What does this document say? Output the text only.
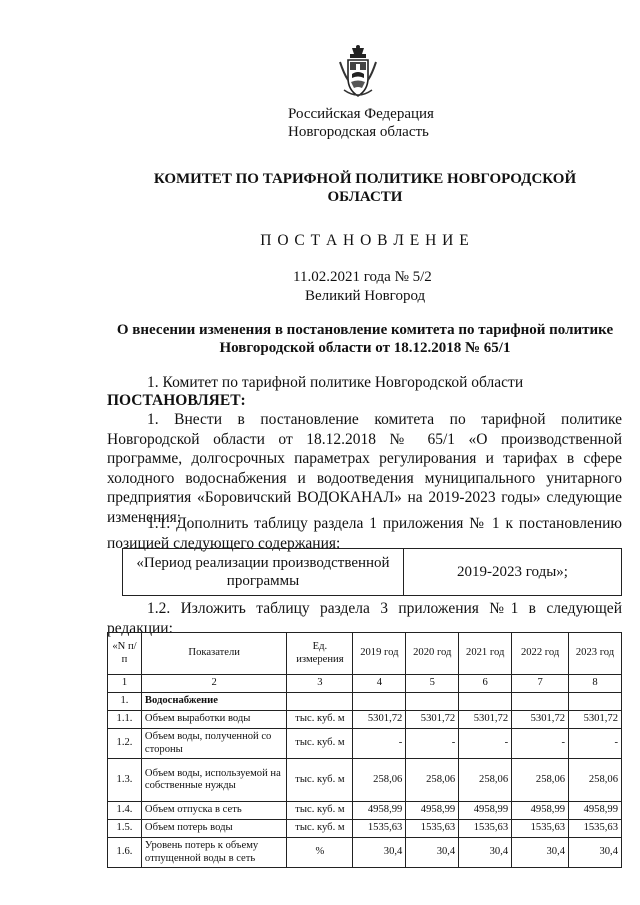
Российская Федерация
Новгородская область
КОМИТЕТ ПО ТАРИФНОЙ ПОЛИТИКЕ НОВГОРОДСКОЙ
ОБЛАСТИ
П О С Т А Н О В Л Е Н И Е
11.02.2021 года № 5/2
Великий Новгород
О внесении изменения в постановление комитета по тарифной политике
Новгородской области от 18.12.2018 № 65/1
1. Комитет по тарифной политике Новгородской области
ПОСТАНОВЛЯЕТ:
1. Внести в постановление комитета по тарифной политике Новгородской области от 18.12.2018 № 65/1 «О производственной программе, долгосрочных параметрах регулирования и тарифах в сфере холодного водоснабжения и водоотведения муниципального унитарного предприятия «Боровичский ВОДОКАНАЛ» на 2019-2023 годы» следующие изменения:
1.1. Дополнить таблицу раздела 1 приложения № 1 к постановлению позицией следующего содержания:
«Период реализации производственной программы	2019-2023 годы»;
1.2. Изложить таблицу раздела 3 приложения №1 в следующей редакции:
«N п/п	Показатели	Ед. измерения	2019 год	2020 год	2021 год	2022 год	2023 год
1	2	3	4	5	6	7	8
1.	Водоснабжение						
1.1.	Объем выработки воды	тыс. куб. м	5301,72	5301,72	5301,72	5301,72	5301,72
1.2.	Объем воды, полученной со стороны	тыс. куб. м	-	-	-	-	-
1.3.	Объем воды, используемой на собственные нужды	тыс. куб. м	258,06	258,06	258,06	258,06	258,06
1.4.	Объем отпуска в сеть	тыс. куб. м	4958,99	4958,99	4958,99	4958,99	4958,99
1.5.	Объем потерь воды	тыс. куб. м	1535,63	1535,63	1535,63	1535,63	1535,63
1.6.	Уровень потерь к объему отпущенной воды в сеть	%	30,4	30,4	30,4	30,4	30,4
